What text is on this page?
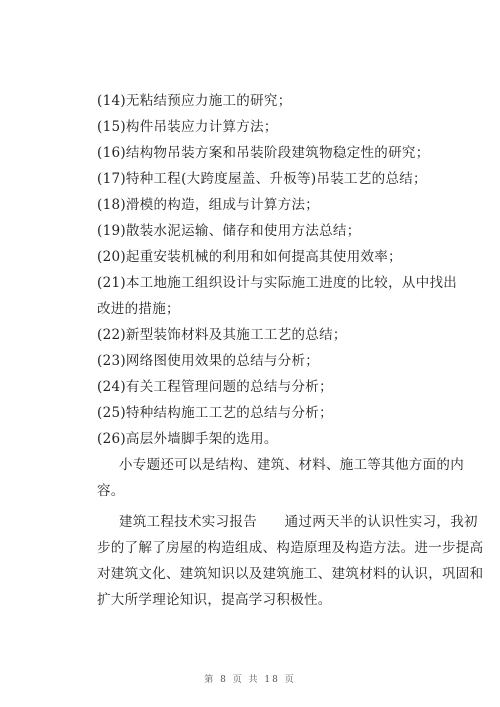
(14)无粘结预应力施工的研究；
(15)构件吊装应力计算方法；
(16)结构物吊装方案和吊装阶段建筑物稳定性的研究；
(17)特种工程(大跨度屋盖、升板等)吊装工艺的总结；
(18)滑模的构造，组成与计算方法；
(19)散装水泥运输、储存和使用方法总结；
(20)起重安装机械的利用和如何提高其使用效率；
(21)本工地施工组织设计与实际施工进度的比较，从中找出
改进的措施；
(22)新型装饰材料及其施工工艺的总结；
(23)网络图使用效果的总结与分析；
(24)有关工程管理问题的总结与分析；
(25)特种结构施工工艺的总结与分析；
(26)高层外墙脚手架的选用。
小专题还可以是结构、建筑、材料、施工等其他方面的内
容。
建筑工程技术实习报告　　通过两天半的认识性实习，我初
步的了解了房屋的构造组成、构造原理及构造方法。进一步提高
对建筑文化、建筑知识以及建筑施工、建筑材料的认识，巩固和
扩大所学理论知识，提高学习积极性。
第 8 页 共 18 页
